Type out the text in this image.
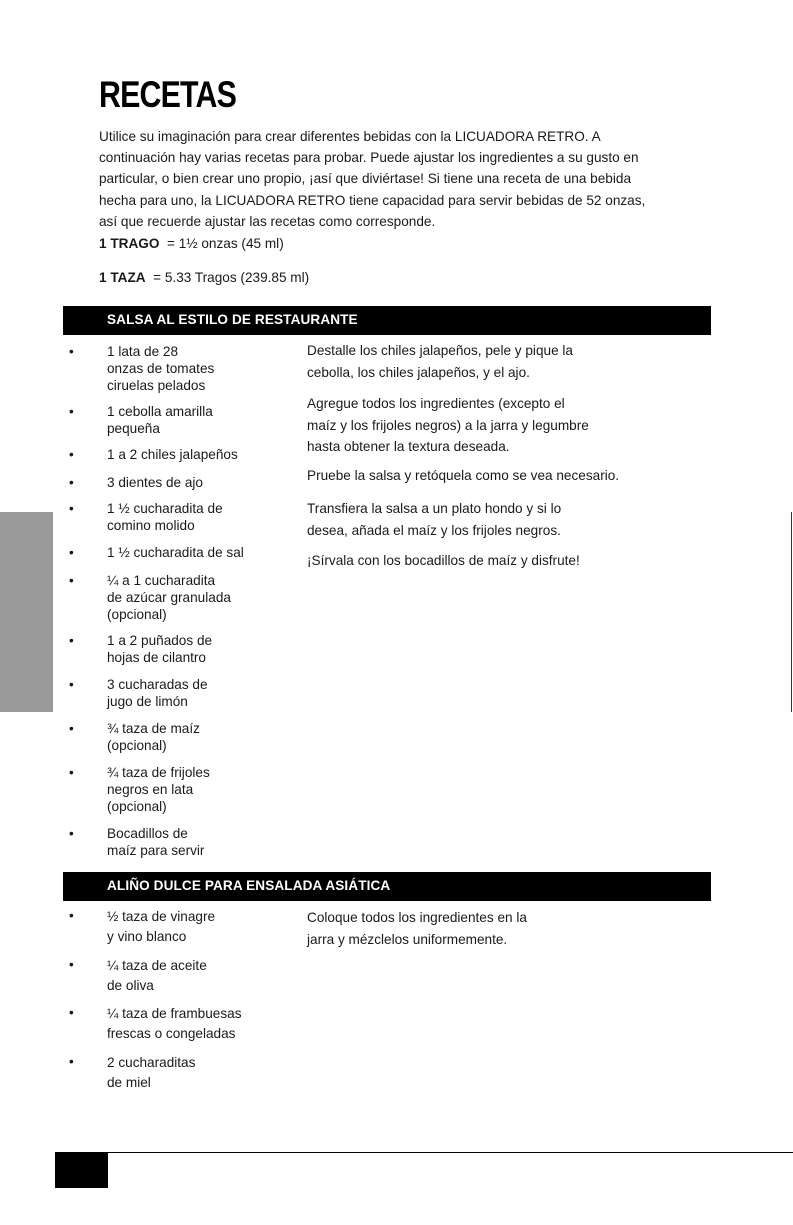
RECETAS
Utilice su imaginación para crear diferentes bebidas con la LICUADORA RETRO. A continuación hay varias recetas para probar. Puede ajustar los ingredientes a su gusto en particular, o bien crear uno propio, ¡así que diviértase! Si tiene una receta de una bebida hecha para uno, la LICUADORA RETRO tiene capacidad para servir bebidas de 52 onzas, así que recuerde ajustar las recetas como corresponde.
1 TRAGO = 1½ onzas (45 ml)
1 TAZA = 5.33 Tragos (239.85 ml)
SALSA AL ESTILO DE RESTAURANTE
• 1 lata de 28
onzas de tomates
ciruelas pelados
• 1 cebolla amarilla
pequeña
• 1 a 2 chiles jalapeños
• 3 dientes de ajo
• 1 ½ cucharadita de
comino molido
• 1 ½ cucharadita de sal
• ¼ a 1 cucharadita
de azúcar granulada
(opcional)
• 1 a 2 puñados de
hojas de cilantro
• 3 cucharadas de
jugo de limón
• ¾ taza de maíz
(opcional)
• ¾ taza de frijoles
negros en lata
(opcional)
• Bocadillos de
maíz para servir
Destalle los chiles jalapeños, pele y pique la
cebolla, los chiles jalapeños, y el ajo.
Agregue todos los ingredientes (excepto el
maíz y los frijoles negros) a la jarra y legumbre
hasta obtener la textura deseada.
Pruebe la salsa y retóquela como se vea necesario.
Transfiera la salsa a un plato hondo y si lo
desea, añada el maíz y los frijoles negros.
¡Sírvala con los bocadillos de maíz y disfrute!
ALIÑO DULCE PARA ENSALADA ASIÁTICA
• ½ taza de vinagre
y vino blanco
• ¼ taza de aceite
de oliva
• ¼ taza de frambuesas
frescas o congeladas
• 2 cucharaditas
de miel
Coloque todos los ingredientes en la
jarra y mézclelos uniformemente.
